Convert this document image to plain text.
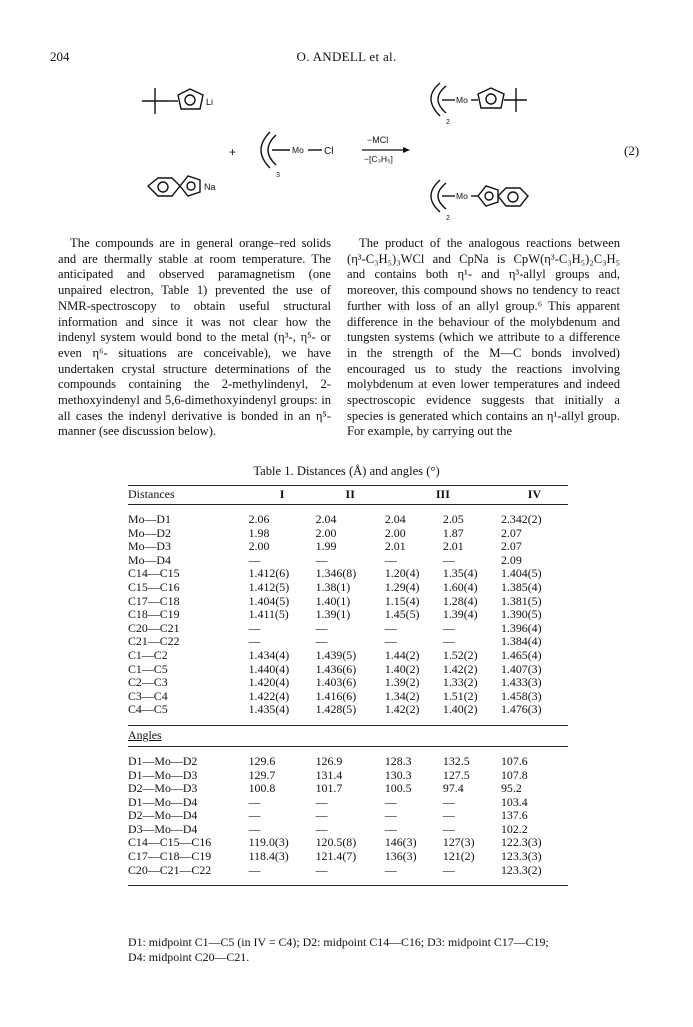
204	O. ANDELL et al.
Li
Na
+	Mo Cl
3
−MCl
−[C₃H₅]
Mo
2
Mo
2
(2)

The compounds are in general orange–red solids and are thermally stable at room temperature. The anticipated and observed paramagnetism (one unpaired electron, Table 1) prevented the use of NMR-spectroscopy to obtain useful structural information and since it was not clear how the indenyl system would bond to the metal (η³-, η⁵- or even η⁶- situations are conceivable), we have undertaken crystal structure determinations of the compounds containing the 2-methylindenyl, 2-methoxyindenyl and 5,6-dimethoxyindenyl groups: in all cases the indenyl derivative is bonded in an η⁵- manner (see discussion below).

The product of the analogous reactions between (η³-C₃H₅)₃WCl and CpNa is CpW(η³-C₃H₅)₂C₃H₅ and contains both η¹- and η³-allyl groups and, moreover, this compound shows no tendency to react further with loss of an allyl group.⁶ This apparent difference in the behaviour of the molybdenum and tungsten systems (which we attribute to a difference in the strength of the M—C bonds involved) encouraged us to study the reactions involving molybdenum at even lower temperatures and indeed spectroscopic evidence suggests that initially a species is generated which contains an η¹-allyl group. For example, by carrying out the

Table 1. Distances (Å) and angles (°)
Distances	I	II	III		IV

Mo—D1	2.06	2.04	2.04	2.05	2.342(2)
Mo—D2	1.98	2.00	2.00	1.87	2.07
Mo—D3	2.00	1.99	2.01	2.01	2.07
Mo—D4	—	—	—	—	2.09
C14—C15	1.412(6)	1.346(8)	1.20(4)	1.35(4)	1.404(5)
C15—C16	1.412(5)	1.38(1)	1.29(4)	1.60(4)	1.385(4)
C17—C18	1.404(5)	1.40(1)	1.15(4)	1.28(4)	1.381(5)
C18—C19	1.411(5)	1.39(1)	1.45(5)	1.39(4)	1.390(5)
C20—C21	—	—	—	—	1.396(4)
C21—C22	—	—	—	—	1.384(4)
C1—C2	1.434(4)	1.439(5)	1.44(2)	1.52(2)	1.465(4)
C1—C5	1.440(4)	1.436(6)	1.40(2)	1.42(2)	1.407(3)
C2—C3	1.420(4)	1.403(6)	1.39(2)	1.33(2)	1.433(3)
C3—C4	1.422(4)	1.416(6)	1.34(2)	1.51(2)	1.458(3)
C4—C5	1.435(4)	1.428(5)	1.42(2)	1.40(2)	1.476(3)

Angles					

D1—Mo—D2	129.6	126.9	128.3	132.5	107.6
D1—Mo—D3	129.7	131.4	130.3	127.5	107.8
D2—Mo—D3	100.8	101.7	100.5	97.4	95.2
D1—Mo—D4	—	—	—	—	103.4
D2—Mo—D4	—	—	—	—	137.6
D3—Mo—D4	—	—	—	—	102.2
C14—C15—C16	119.0(3)	120.5(8)	146(3)	127(3)	122.3(3)
C17—C18—C19	118.4(3)	121.4(7)	136(3)	121(2)	123.3(3)
C20—C21—C22	—	—	—	—	123.3(2)

D1: midpoint C1—C5 (in IV = C4); D2: midpoint C14—C16; D3: midpoint C17—C19; D4: midpoint C20—C21.
